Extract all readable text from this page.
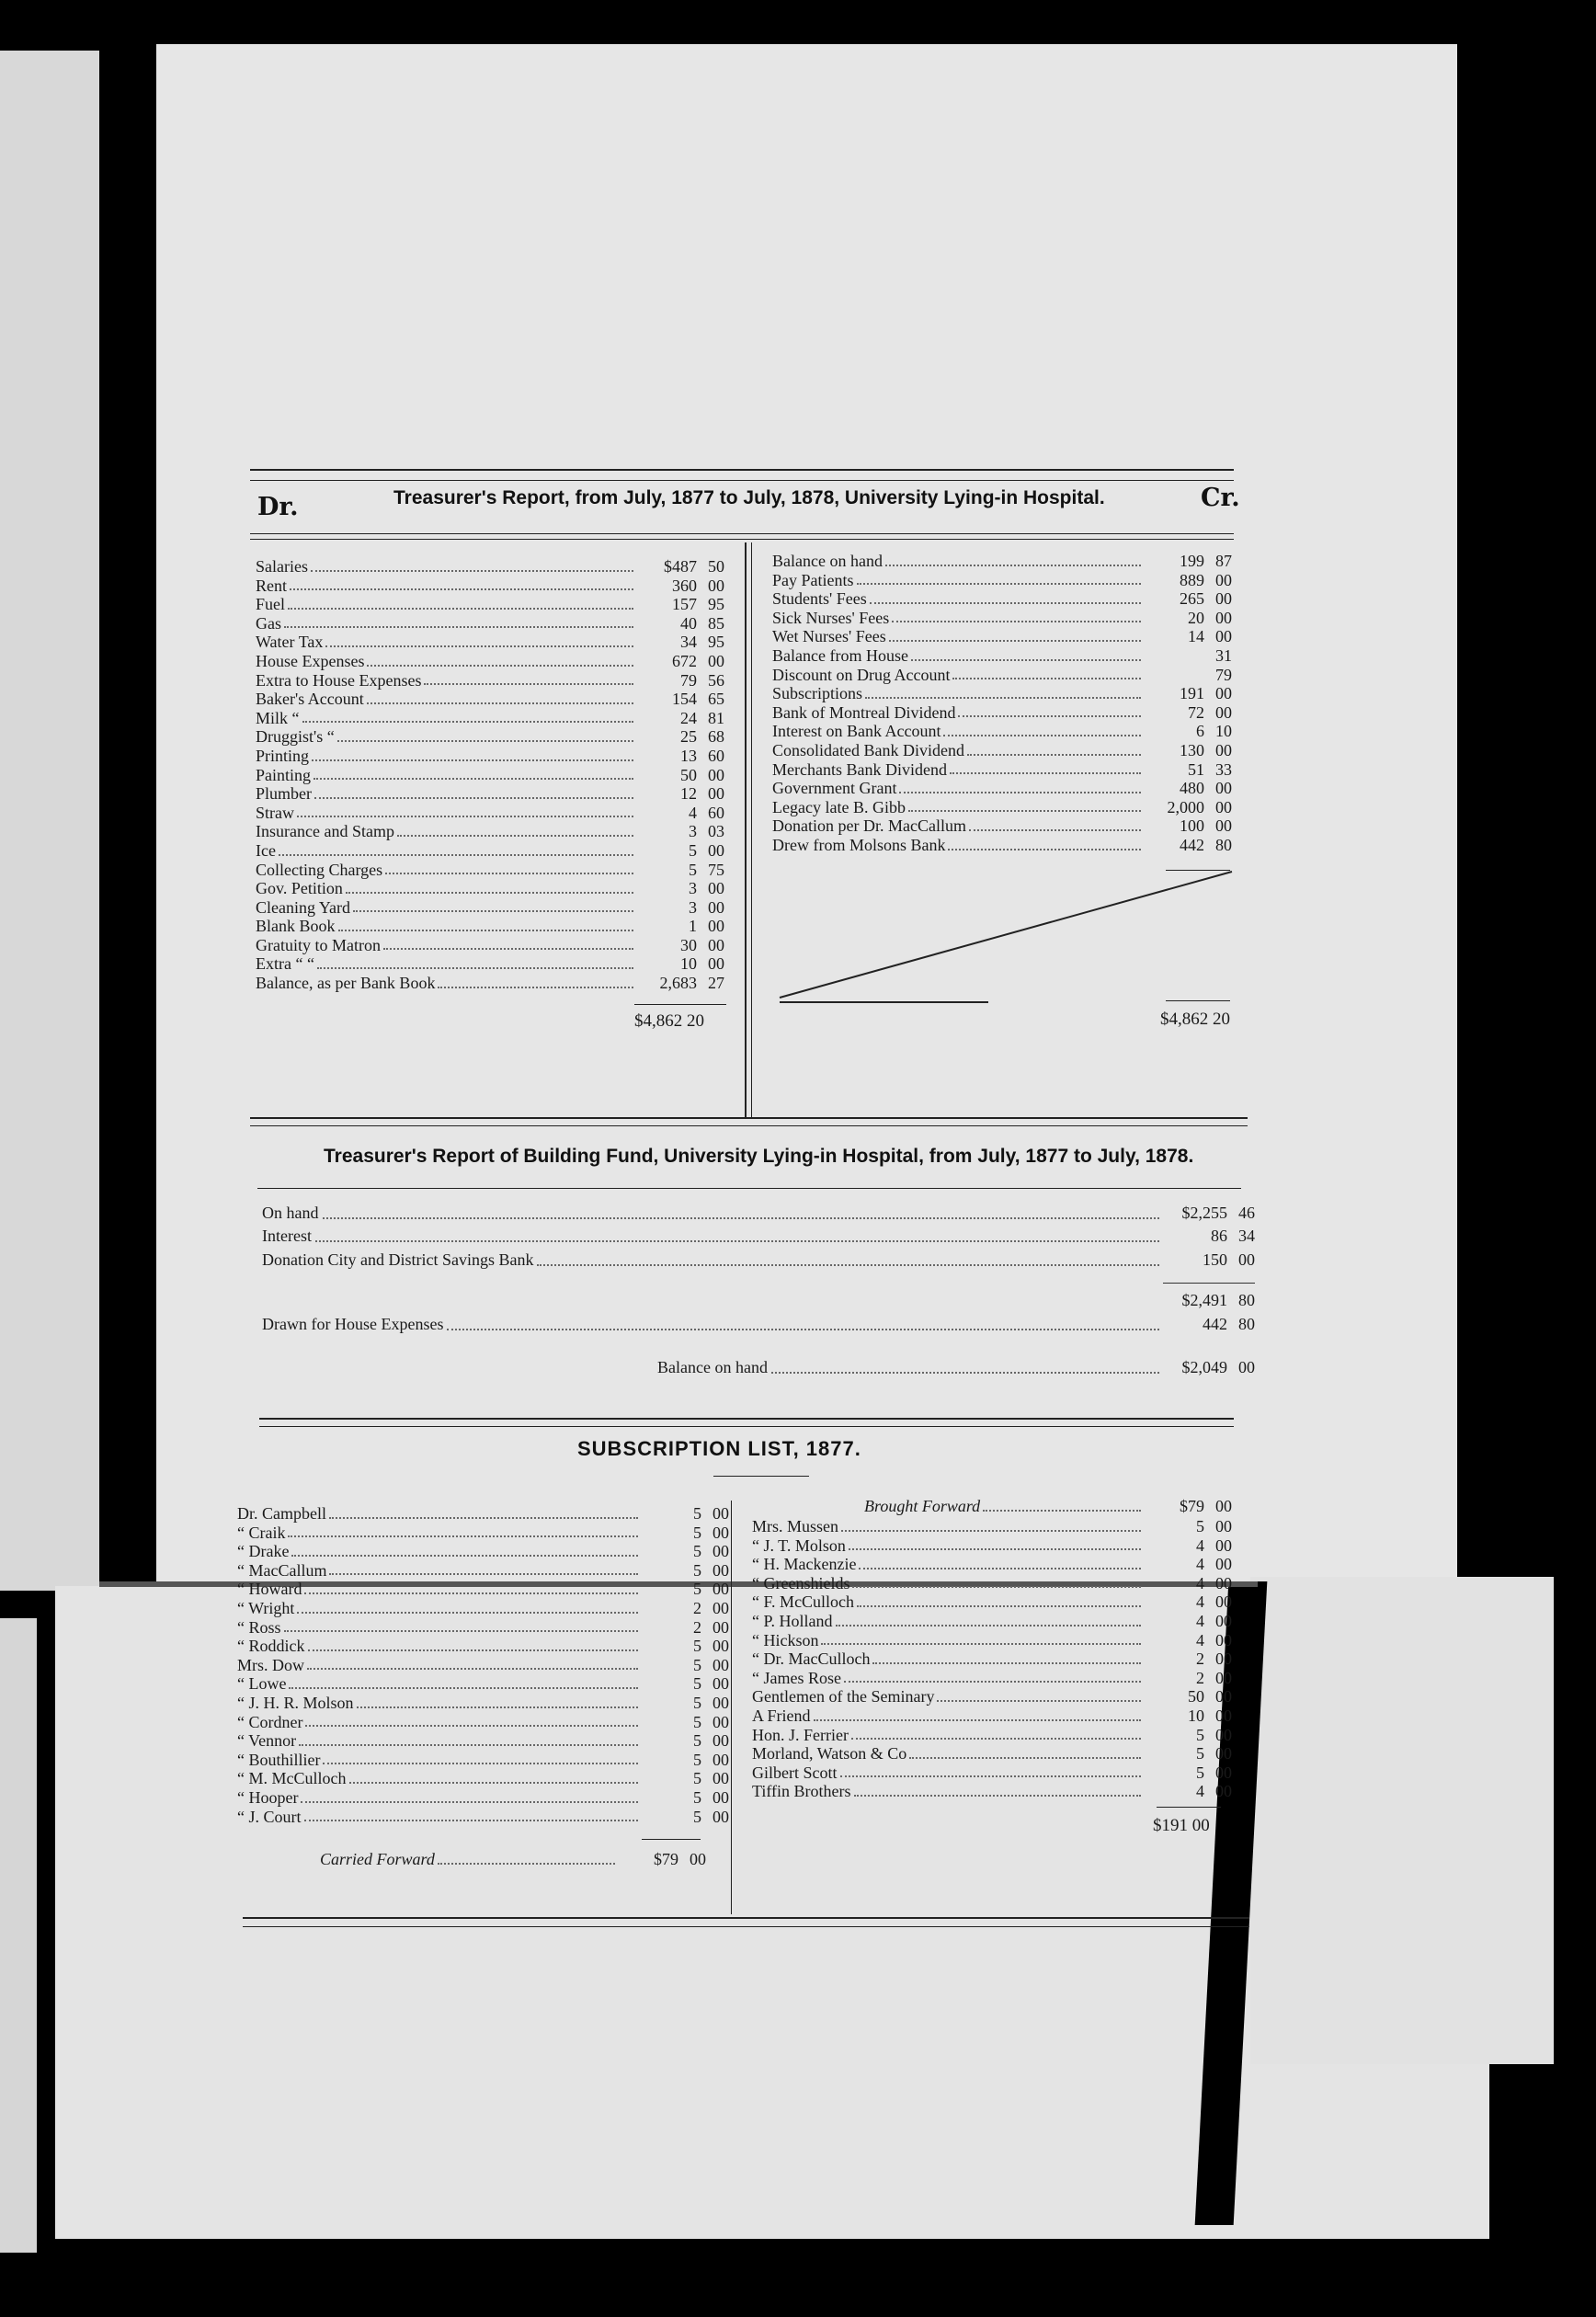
Dr.	Treasurer's Report, from July, 1877 to July, 1878, University Lying-in Hospital.	Cr.
Salaries	$487 50
Rent	360 00
Fuel	157 95
Gas	40 85
Water Tax	34 95
House Expenses	672 00
Extra to House Expenses	79 56
Baker's Account	154 65
Milk “	24 81
Druggist's “	25 68
Printing	13 60
Painting	50 00
Plumber	12 00
Straw	4 60
Insurance and Stamp	3 03
Ice	5 00
Collecting Charges	5 75
Gov. Petition	3 00
Cleaning Yard	3 00
Blank Book	1 00
Gratuity to Matron	30 00
Extra “ “	10 00
Balance, as per Bank Book	2,683 27
$4,862 20
Balance on hand	199 87
Pay Patients	889 00
Students' Fees	265 00
Sick Nurses' Fees	20 00
Wet Nurses' Fees	14 00
Balance from House	31
Discount on Drug Account	79
Subscriptions	191 00
Bank of Montreal Dividend	72 00
Interest on Bank Account	6 10
Consolidated Bank Dividend	130 00
Merchants Bank Dividend	51 33
Government Grant	480 00
Legacy late B. Gibb	2,000 00
Donation per Dr. MacCallum	100 00
Drew from Molsons Bank	442 80
$4,862 20
Treasurer's Report of Building Fund, University Lying-in Hospital, from July, 1877 to July, 1878.
On hand	$2,255 46
Interest	86 34
Donation City and District Savings Bank	150 00
$2,491 80
Drawn for House Expenses	442 80
Balance on hand	$2,049 00
SUBSCRIPTION LIST, 1877.
Dr. Campbell	5 00
“ Craik	5 00
“ Drake	5 00
“ MacCallum	5 00
“ Howard	5 00
“ Wright	2 00
“ Ross	2 00
“ Roddick	5 00
Mrs. Dow	5 00
“ Lowe	5 00
“ J. H. R. Molson	5 00
“ Cordner	5 00
“ Vennor	5 00
“ Bouthillier	5 00
“ M. McCulloch	5 00
“ Hooper	5 00
“ J. Court	5 00
Carried Forward	$79 00
Brought Forward	$79 00
Mrs. Mussen	5 00
“ J. T. Molson	4 00
“ H. Mackenzie	4 00
“ Greenshields	4 00
“ F. McCulloch	4 00
“ P. Holland	4 00
“ Hickson	4 00
“ Dr. MacCulloch	2 00
“ James Rose	2 00
Gentlemen of the Seminary	50 00
A Friend	10 00
Hon. J. Ferrier	5 00
Morland, Watson & Co	5 00
Gilbert Scott	5 00
Tiffin Brothers	4 00
$191 00
